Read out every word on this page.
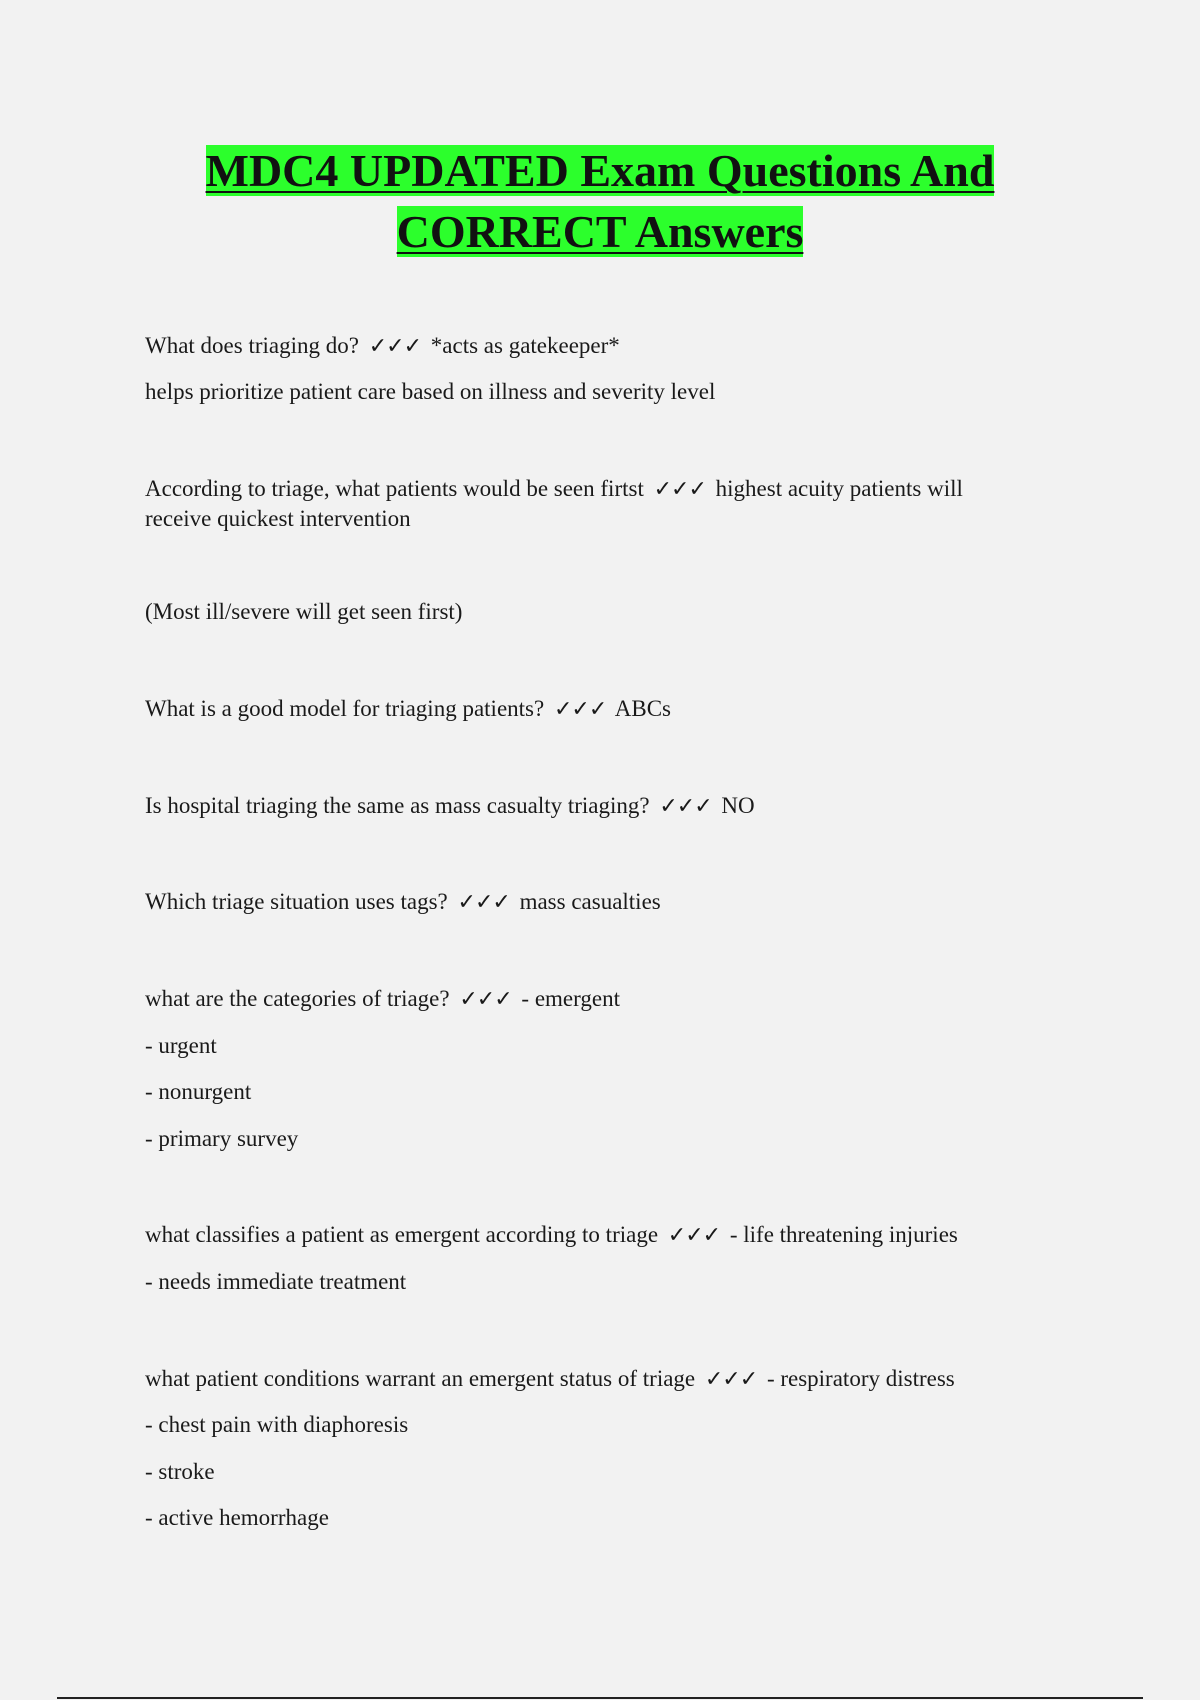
MDC4 UPDATED Exam Questions And
CORRECT Answers
What does triaging do? ✓✓✓ *acts as gatekeeper*
helps prioritize patient care based on illness and severity level
According to triage, what patients would be seen firtst ✓✓✓ highest acuity patients will
receive quickest intervention
(Most ill/severe will get seen first)
What is a good model for triaging patients? ✓✓✓ ABCs
Is hospital triaging the same as mass casualty triaging? ✓✓✓ NO
Which triage situation uses tags? ✓✓✓ mass casualties
what are the categories of triage? ✓✓✓ - emergent
- urgent
- nonurgent
- primary survey
what classifies a patient as emergent according to triage ✓✓✓ - life threatening injuries
- needs immediate treatment
what patient conditions warrant an emergent status of triage ✓✓✓ - respiratory distress
- chest pain with diaphoresis
- stroke
- active hemorrhage
